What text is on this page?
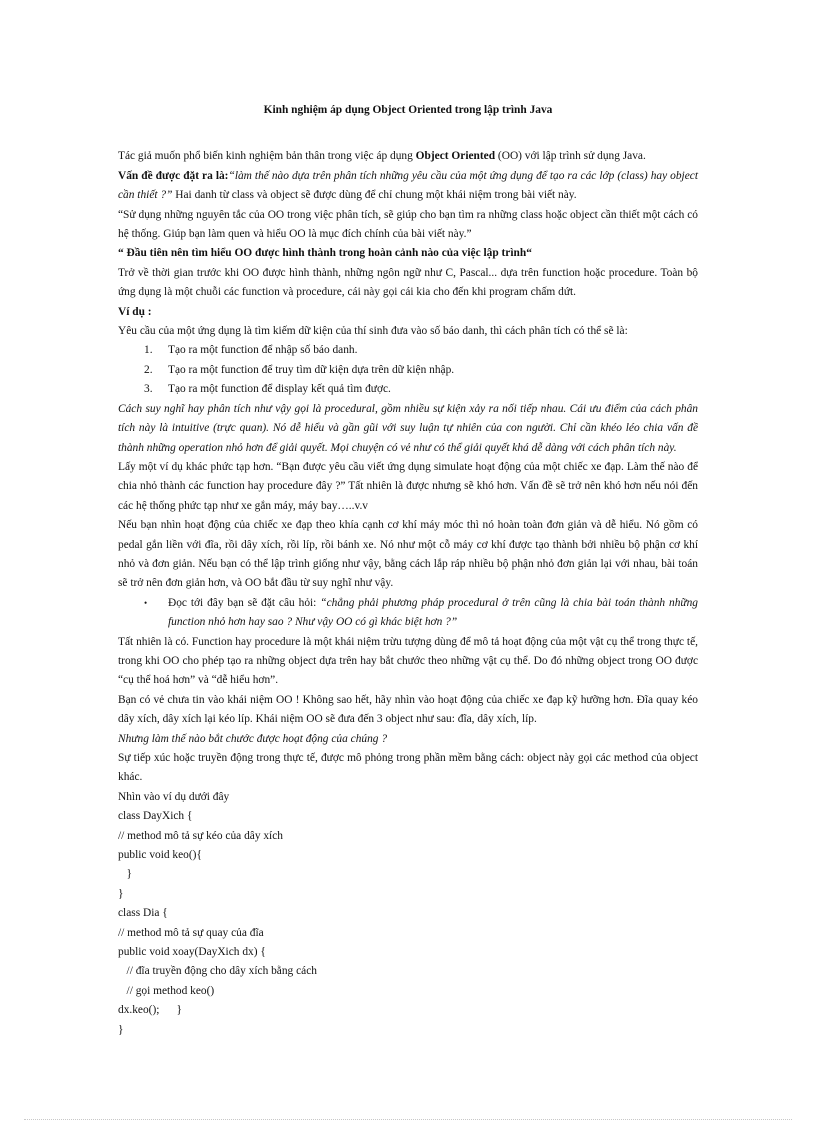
Kinh nghiệm áp dụng Object Oriented trong lập trình Java

Tác giả muốn phổ biến kinh nghiệm bản thân trong việc áp dụng Object Oriented (OO) với lập trình sử dụng Java.

Vấn đề được đặt ra là:“làm thế nào dựa trên phân tích những yêu cầu của một ứng dụng để tạo ra các lớp (class) hay object cần thiết ?” Hai danh từ class và object sẽ được dùng để chỉ chung một khái niệm trong bài viết này.

“Sử dụng những nguyên tắc của OO trong việc phân tích, sẽ giúp cho bạn tìm ra những class hoặc object cần thiết một cách có hệ thống. Giúp bạn làm quen và hiểu OO là mục đích chính của bài viết này.”

“ Đầu tiên nên tìm hiểu OO được hình thành trong hoàn cảnh nào của việc lập trình“

Trở về thời gian trước khi OO được hình thành, những ngôn ngữ như C, Pascal... dựa trên function hoặc procedure. Toàn bộ ứng dụng là một chuỗi các function và procedure, cái này gọi cái kia cho đến khi program chấm dứt.

Ví dụ :

Yêu cầu của một ứng dụng là tìm kiếm dữ kiện của thí sinh đưa vào số báo danh, thì cách phân tích có thể sẽ là:

1. Tạo ra một function để nhập số báo danh.
2. Tạo ra một function để truy tìm dữ kiện dựa trên dữ kiện nhập.
3. Tạo ra một function để display kết quả tìm được.

Cách suy nghĩ hay phân tích như vậy gọi là procedural, gồm nhiều sự kiện xảy ra nối tiếp nhau. Cái ưu điểm của cách phân tích này là intuitive (trực quan). Nó dễ hiểu và gần gũi với suy luận tự nhiên của con người. Chỉ cần khéo léo chia vấn đề thành những operation nhỏ hơn để giải quyết. Mọi chuyện có vẻ như có thể giải quyết khá dễ dàng với cách phân tích này.

Lấy một ví dụ khác phức tạp hơn. “Bạn được yêu cầu viết ứng dụng simulate hoạt động của một chiếc xe đạp. Làm thế nào để chia nhỏ thành các function hay procedure đây ?” Tất nhiên là được nhưng sẽ khó hơn. Vấn đề sẽ trở nên khó hơn nếu nói đến các hệ thống phức tạp như xe gắn máy, máy bay…..v.v

Nếu bạn nhìn hoạt động của chiếc xe đạp theo khía cạnh cơ khí máy móc thì nó hoàn toàn đơn giản và dễ hiểu. Nó gồm có pedal gắn liền với đĩa, rồi dây xích, rồi líp, rồi bánh xe. Nó như một cỗ máy cơ khí được tạo thành bởi nhiều bộ phận cơ khí nhỏ và đơn giản. Nếu bạn có thể lập trình giống như vậy, bằng cách lắp ráp nhiều bộ phận nhỏ đơn giản lại với nhau, bài toán sẽ trở nên đơn giản hơn, và OO bắt đầu từ suy nghĩ như vậy.

• Đọc tới đây bạn sẽ đặt câu hỏi: “chẳng phải phương pháp procedural ở trên cũng là chia bài toán thành những function nhỏ hơn hay sao ? Như vậy OO có gì khác biệt hơn ?”

Tất nhiên là có. Function hay procedure là một khái niệm trừu tượng dùng để mô tả hoạt động của một vật cụ thể trong thực tế, trong khi OO cho phép tạo ra những object dựa trên hay bắt chước theo những vật cụ thể. Do đó những object trong OO được “cụ thể hoá hơn” và “dễ hiểu hơn”.

Bạn có vẻ chưa tin vào khái niệm OO ! Không sao hết, hãy nhìn vào hoạt động của chiếc xe đạp kỹ hưỡng hơn. Đĩa quay kéo dây xích, dây xích lại kéo líp. Khái niệm OO sẽ đưa đến 3 object như sau: đĩa, dây xích, líp.

Nhưng làm thế nào bắt chước được hoạt động của chúng ?

Sự tiếp xúc hoặc truyền động trong thực tế, được mô phỏng trong phần mềm bằng cách: object này gọi các method của object khác.

Nhìn vào ví dụ dưới đây

class DayXich {

// method mô tả sự kéo của dây xích

public void keo(){

}

}

class Dia {

// method mô tả sự quay của đĩa

public void xoay(DayXich dx) {

// đĩa truyền động cho dây xích bằng cách

// gọi method keo()

dx.keo();      }

}
